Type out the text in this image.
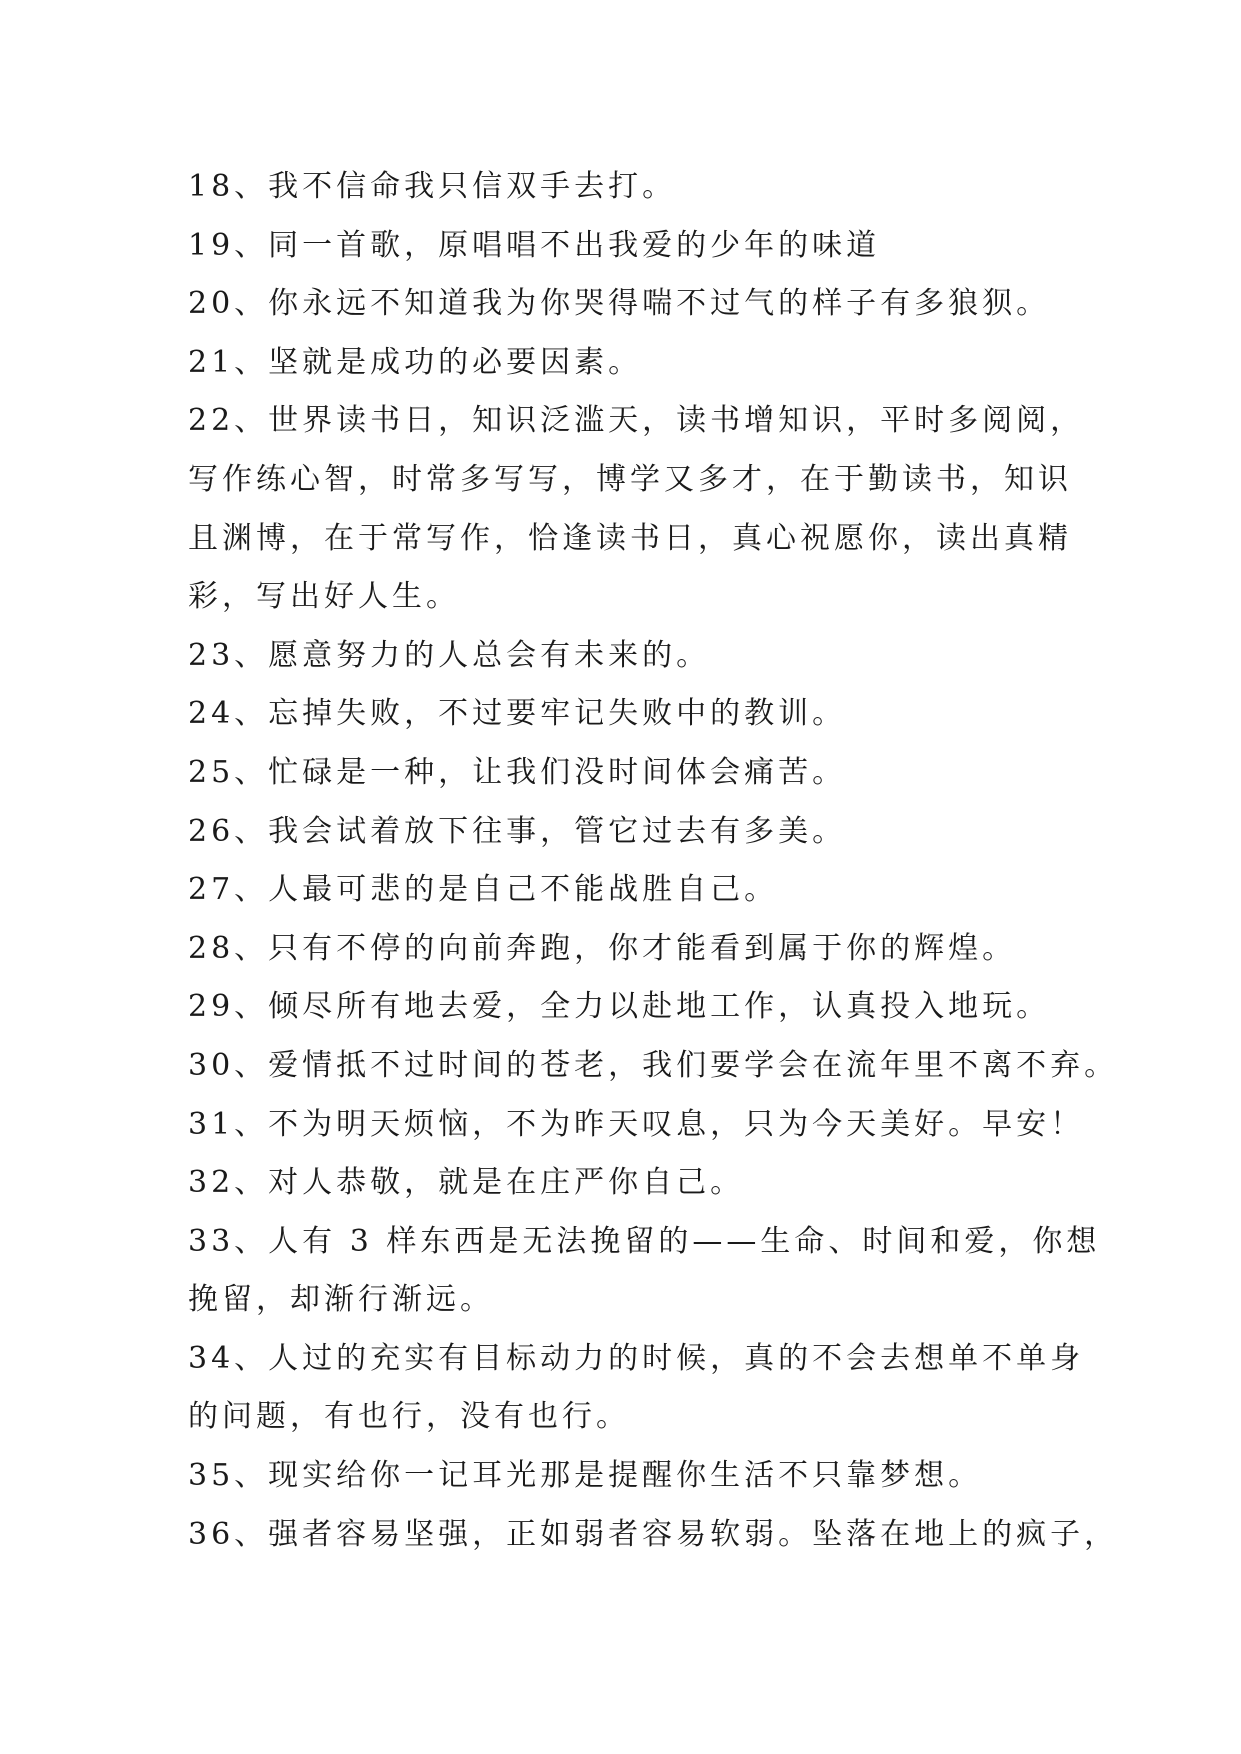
18、我不信命我只信双手去打。
19、同一首歌，原唱唱不出我爱的少年的味道
20、你永远不知道我为你哭得喘不过气的样子有多狼狈。
21、坚就是成功的必要因素。
22、世界读书日，知识泛滥天，读书增知识，平时多阅阅，
写作练心智，时常多写写，博学又多才，在于勤读书，知识
且渊博，在于常写作，恰逢读书日，真心祝愿你，读出真精
彩，写出好人生。
23、愿意努力的人总会有未来的。
24、忘掉失败，不过要牢记失败中的教训。
25、忙碌是一种，让我们没时间体会痛苦。
26、我会试着放下往事，管它过去有多美。
27、人最可悲的是自己不能战胜自己。
28、只有不停的向前奔跑，你才能看到属于你的辉煌。
29、倾尽所有地去爱，全力以赴地工作，认真投入地玩。
30、爱情抵不过时间的苍老，我们要学会在流年里不离不弃。
31、不为明天烦恼，不为昨天叹息，只为今天美好。早安！
32、对人恭敬，就是在庄严你自己。
33、人有 3 样东西是无法挽留的——生命、时间和爱，你想
挽留，却渐行渐远。
34、人过的充实有目标动力的时候，真的不会去想单不单身
的问题，有也行，没有也行。
35、现实给你一记耳光那是提醒你生活不只靠梦想。
36、强者容易坚强，正如弱者容易软弱。坠落在地上的疯子，
